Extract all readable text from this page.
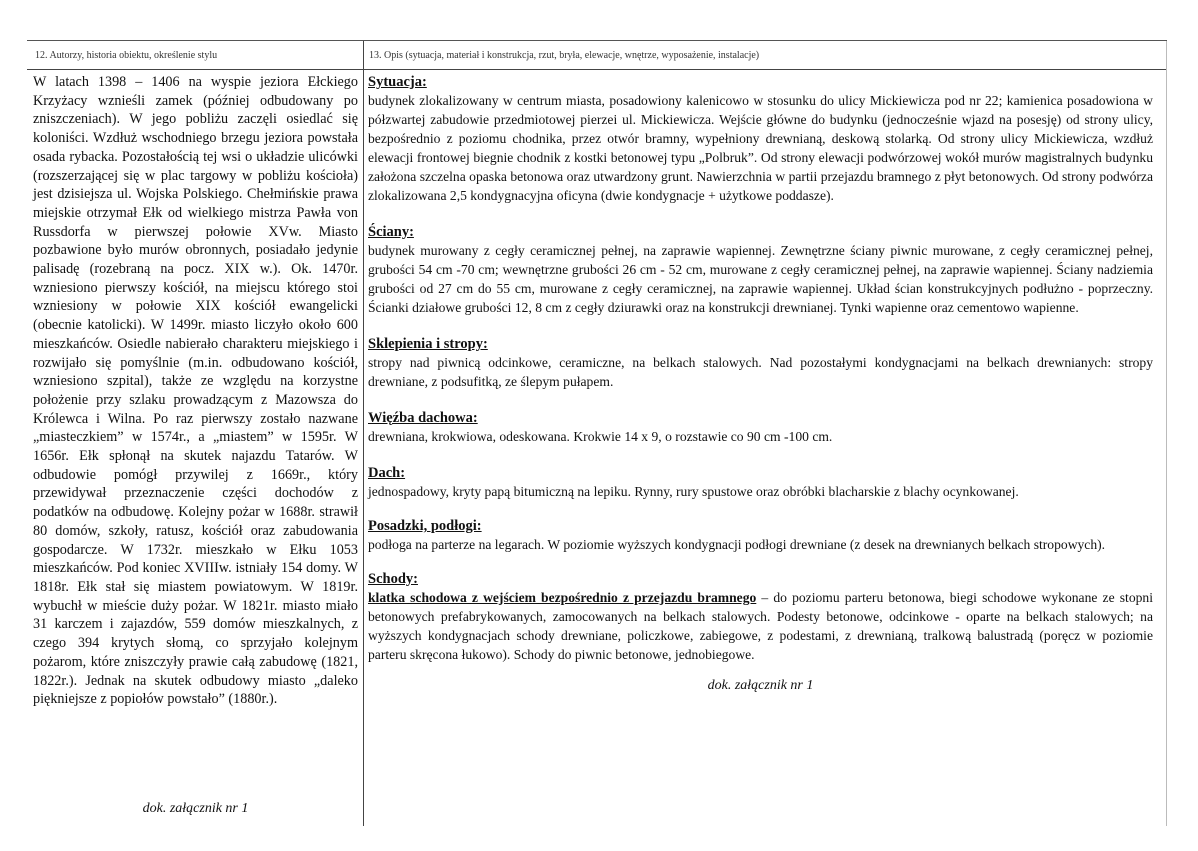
12. Autorzy, historia obiektu, określenie stylu	13. Opis (sytuacja, materiał i konstrukcja, rzut, bryła, elewacje, wnętrze, wyposażenie, instalacje)

W latach 1398 – 1406 na wyspie jeziora Ełckiego Krzyżacy wznieśli zamek (później odbudowany po zniszczeniach). W jego pobliżu zaczęli osiedlać się koloniści. Wzdłuż wschodniego brzegu jeziora powstała osada rybacka. Pozostałością tej wsi o układzie ulicówki (rozszerzającej się w plac targowy w pobliżu kościoła) jest dzisiejsza ul. Wojska Polskiego. Chełmińskie prawa miejskie otrzymał Ełk od wielkiego mistrza Pawła von Russdorfa w pierwszej połowie XVw. Miasto pozbawione było murów obronnych, posiadało jedynie palisadę (rozebraną na pocz. XIX w.). Ok. 1470r. wzniesiono pierwszy kościół, na miejscu którego stoi wzniesiony w połowie XIX kościół ewangelicki (obecnie katolicki). W 1499r. miasto liczyło około 600 mieszkańców. Osiedle nabierało charakteru miejskiego i rozwijało się pomyślnie (m.in. odbudowano kościół, wzniesiono szpital), także ze względu na korzystne położenie przy szlaku prowadzącym z Mazowsza do Królewca i Wilna. Po raz pierwszy zostało nazwane „miasteczkiem” w 1574r., a „miastem” w 1595r. W 1656r. Ełk spłonął na skutek najazdu Tatarów. W odbudowie pomógł przywilej z 1669r., który przewidywał przeznaczenie części dochodów z podatków na odbudowę. Kolejny pożar w 1688r. strawił 80 domów, szkoły, ratusz, kościół oraz zabudowania gospodarcze. W 1732r. mieszkało w Ełku 1053 mieszkańców. Pod koniec XVIIIw. istniały 154 domy. W 1818r. Ełk stał się miastem powiatowym. W 1819r. wybuchł w mieście duży pożar. W 1821r. miasto miało 31 karczem i zajazdów, 559 domów mieszkalnych, z czego 394 krytych słomą, co sprzyjało kolejnym pożarom, które zniszczyły prawie całą zabudowę (1821, 1822r.). Jednak na skutek odbudowy miasto „daleko piękniejsze z popiołów powstało” (1880r.).

dok. załącznik nr 1
Sytuacja:

budynek zlokalizowany w centrum miasta, posadowiony kalenicowo w stosunku do ulicy Mickiewicza pod nr 22; kamienica posadowiona w półzwartej zabudowie przedmiotowej pierzei ul. Mickiewicza. Wejście główne do budynku (jednocześnie wjazd na posesję) od strony ulicy, bezpośrednio z poziomu chodnika, przez otwór bramny, wypełniony drewnianą, deskową stolarką. Od strony ulicy Mickiewicza, wzdłuż elewacji frontowej biegnie chodnik z kostki betonowej typu „Polbruk”. Od strony elewacji podwórzowej wokół murów magistralnych budynku założona szczelna opaska betonowa oraz utwardzony grunt. Nawierzchnia w partii przejazdu bramnego z płyt betonowych. Od strony podwórza zlokalizowana 2,5 kondygnacyjna oficyna (dwie kondygnacje + użytkowe poddasze).

Ściany:

budynek murowany z cegły ceramicznej pełnej, na zaprawie wapiennej. Zewnętrzne ściany piwnic murowane, z cegły ceramicznej pełnej, grubości 54 cm -70 cm; wewnętrzne grubości 26 cm - 52 cm, murowane z cegły ceramicznej pełnej, na zaprawie wapiennej. Ściany nadziemia grubości od 27 cm do 55 cm, murowane z cegły ceramicznej, na zaprawie wapiennej. Układ ścian konstrukcyjnych podłużno - poprzeczny. Ścianki działowe grubości 12, 8 cm z cegły dziurawki oraz na konstrukcji drewnianej. Tynki wapienne oraz cementowo wapienne.

Sklepienia i stropy:

stropy nad piwnicą odcinkowe, ceramiczne, na belkach stalowych. Nad pozostałymi kondygnacjami na belkach drewnianych: stropy drewniane, z podsufitką, ze ślepym pułapem.

Więźba dachowa:

drewniana, krokwiowa, odeskowana. Krokwie 14 x 9, o rozstawie co 90 cm -100 cm.

Dach:

jednospadowy, kryty papą bitumiczną na lepiku. Rynny, rury spustowe oraz obróbki blacharskie z blachy ocynkowanej.

Posadzki, podłogi:

podłoga na parterze na legarach. W poziomie wyższych kondygnacji podłogi drewniane (z desek na drewnianych belkach stropowych).

Schody:

klatka schodowa z wejściem bezpośrednio z przejazdu bramnego – do poziomu parteru betonowa, biegi schodowe wykonane ze stopni betonowych prefabrykowanych, zamocowanych na belkach stalowych. Podesty betonowe, odcinkowe - oparte na belkach stalowych; na wyższych kondygnacjach schody drewniane, policzkowe, zabiegowe, z podestami, z drewnianą, tralkową balustradą (poręcz w poziomie parteru skręcona łukowo). Schody do piwnic betonowe, jednobiegowe.

dok. załącznik nr 1
